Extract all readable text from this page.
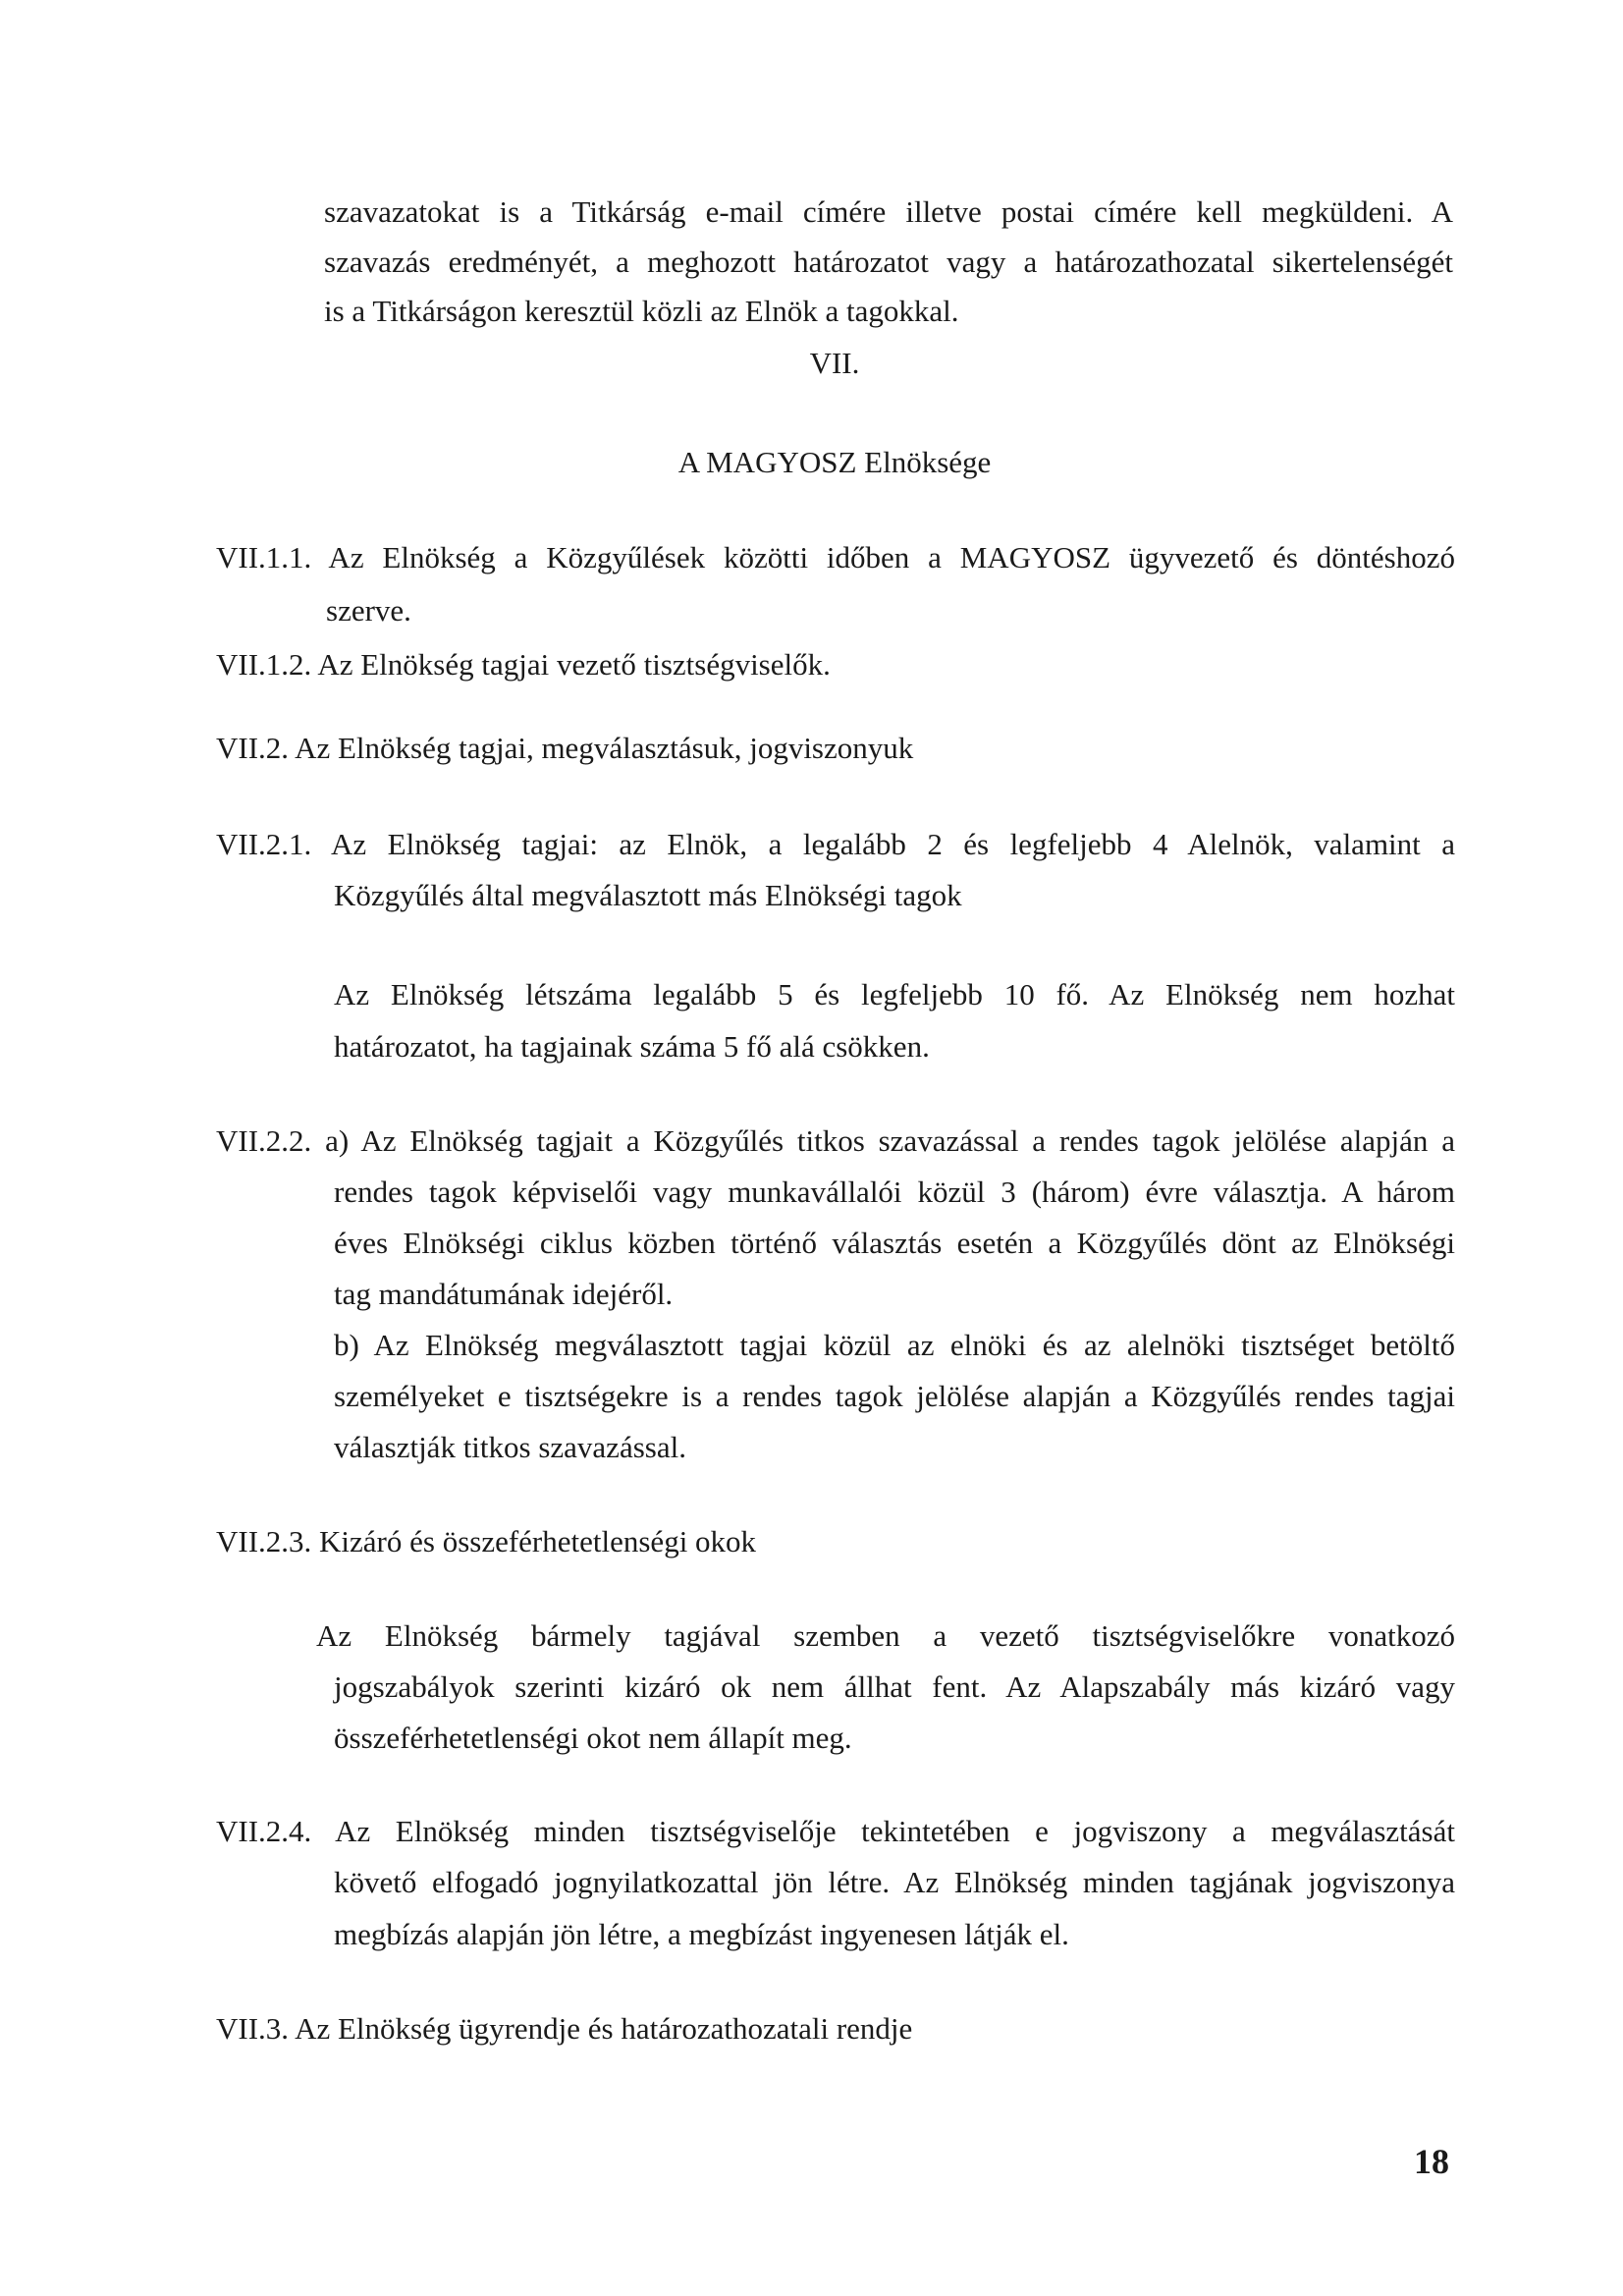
szavazatokat is a Titkárság e-mail címére illetve postai címére kell megküldeni. A
szavazás eredményét, a meghozott határozatot vagy a határozathozatal sikertelenségét
is a Titkárságon keresztül közli az Elnök a tagokkal.
VII.
A MAGYOSZ Elnöksége
VII.1.1. Az Elnökség a Közgyűlések közötti időben a MAGYOSZ ügyvezető és döntéshozó
szerve.
VII.1.2. Az Elnökség tagjai vezető tisztségviselők.
VII.2. Az Elnökség tagjai, megválasztásuk, jogviszonyuk
VII.2.1. Az Elnökség tagjai: az Elnök, a legalább 2 és legfeljebb 4 Alelnök, valamint a
Közgyűlés által megválasztott más Elnökségi tagok
Az Elnökség létszáma legalább 5 és legfeljebb 10 fő. Az Elnökség nem hozhat
határozatot, ha tagjainak száma 5 fő alá csökken.
VII.2.2. a) Az Elnökség tagjait a Közgyűlés titkos szavazással a rendes tagok jelölése alapján a
rendes tagok képviselői vagy munkavállalói közül 3 (három) évre választja. A három
éves Elnökségi ciklus közben történő választás esetén a Közgyűlés dönt az Elnökségi
tag mandátumának idejéről.
b) Az Elnökség megválasztott tagjai közül az elnöki és az alelnöki tisztséget betöltő
személyeket e tisztségekre is a rendes tagok jelölése alapján a Közgyűlés rendes tagjai
választják titkos szavazással.
VII.2.3. Kizáró és összeférhetetlenségi okok
Az Elnökség bármely tagjával szemben a vezető tisztségviselőkre vonatkozó
jogszabályok szerinti kizáró ok nem állhat fent. Az Alapszabály más kizáró vagy
összeférhetetlenségi okot nem állapít meg.
VII.2.4. Az Elnökség minden tisztségviselője tekintetében e jogviszony a megválasztását
követő elfogadó jognyilatkozattal jön létre. Az Elnökség minden tagjának jogviszonya
megbízás alapján jön létre, a megbízást ingyenesen látják el.
VII.3. Az Elnökség ügyrendje és határozathozatali rendje
18
